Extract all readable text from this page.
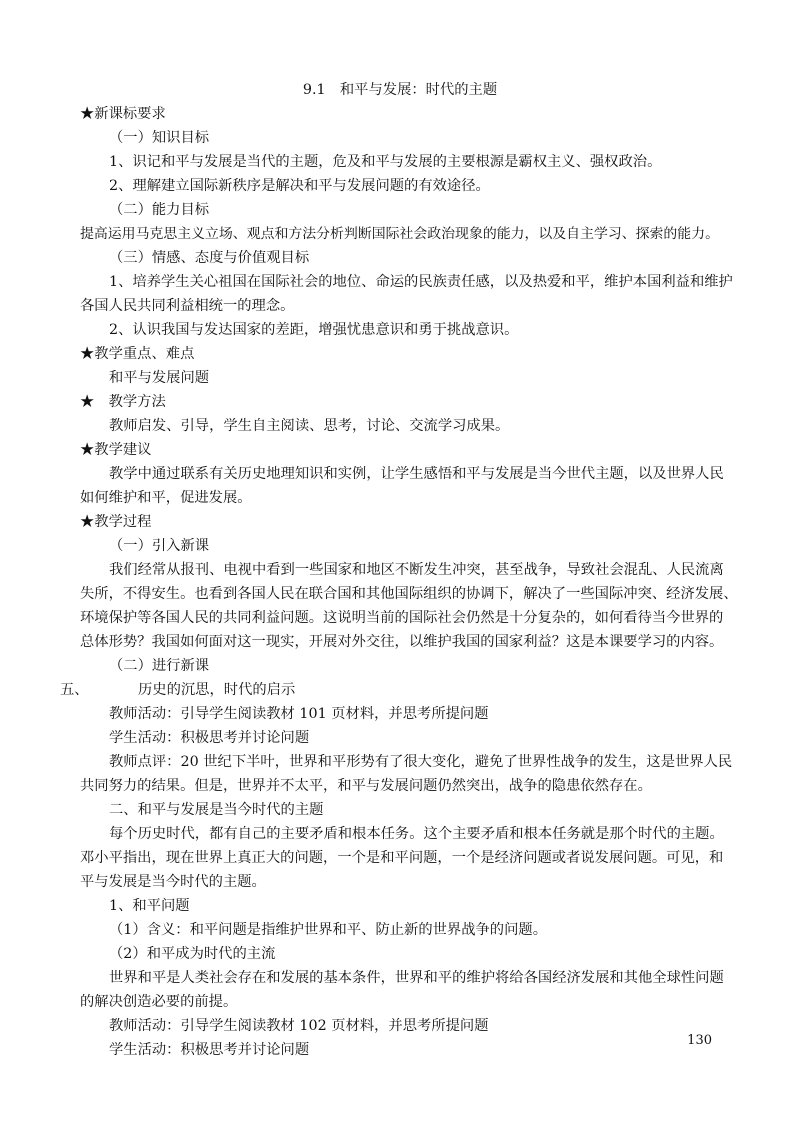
9.1　和平与发展：时代的主题
★新课标要求
（一）知识目标
1、识记和平与发展是当代的主题，危及和平与发展的主要根源是霸权主义、强权政治。
2、理解建立国际新秩序是解决和平与发展问题的有效途径。
（二）能力目标
提高运用马克思主义立场、观点和方法分析判断国际社会政治现象的能力，以及自主学习、探索的能力。
（三）情感、态度与价值观目标
1、培养学生关心祖国在国际社会的地位、命运的民族责任感，以及热爱和平，维护本国利益和维护
各国人民共同利益相统一的理念。
2、认识我国与发达国家的差距，增强忧患意识和勇于挑战意识。
★教学重点、难点
和平与发展问题
★　教学方法
教师启发、引导，学生自主阅读、思考，讨论、交流学习成果。
★教学建议
教学中通过联系有关历史地理知识和实例，让学生感悟和平与发展是当今世代主题，以及世界人民
如何维护和平，促进发展。
★教学过程
（一）引入新课
我们经常从报刊、电视中看到一些国家和地区不断发生冲突，甚至战争，导致社会混乱、人民流离
失所，不得安生。也看到各国人民在联合国和其他国际组织的协调下，解决了一些国际冲突、经济发展、
环境保护等各国人民的共同利益问题。这说明当前的国际社会仍然是十分复杂的，如何看待当今世界的
总体形势？我国如何面对这一现实，开展对外交往，以维护我国的国家利益？这是本课要学习的内容。
（二）进行新课
五、	历史的沉思，时代的启示
教师活动：引导学生阅读教材 101 页材料，并思考所提问题
学生活动：积极思考并讨论问题
教师点评：20 世纪下半叶，世界和平形势有了很大变化，避免了世界性战争的发生，这是世界人民
共同努力的结果。但是，世界并不太平，和平与发展问题仍然突出，战争的隐患依然存在。
二、和平与发展是当今时代的主题
每个历史时代，都有自己的主要矛盾和根本任务。这个主要矛盾和根本任务就是那个时代的主题。
邓小平指出，现在世界上真正大的问题，一个是和平问题，一个是经济问题或者说发展问题。可见，和
平与发展是当今时代的主题。
1、和平问题
（1）含义：和平问题是指维护世界和平、防止新的世界战争的问题。
（2）和平成为时代的主流
世界和平是人类社会存在和发展的基本条件，世界和平的维护将给各国经济发展和其他全球性问题
的解决创造必要的前提。
教师活动：引导学生阅读教材 102 页材料，并思考所提问题
学生活动：积极思考并讨论问题
130
